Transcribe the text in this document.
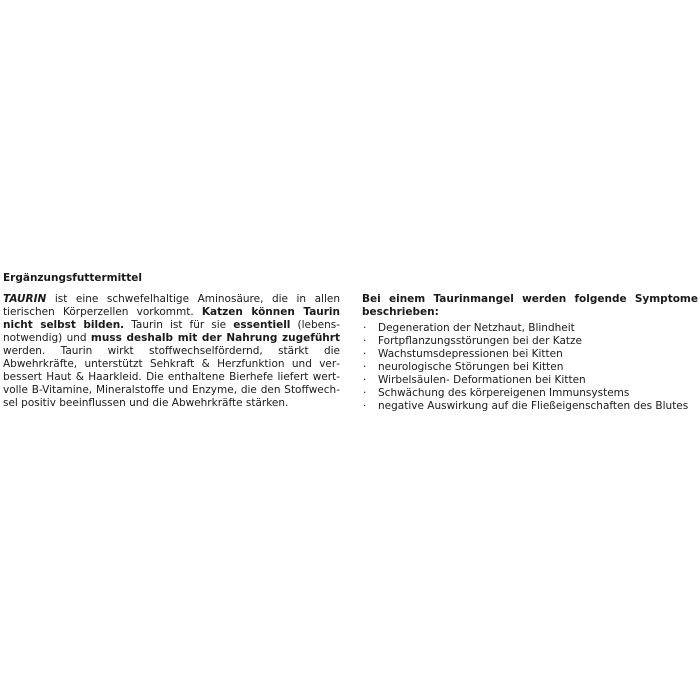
Ergänzungsfuttermittel

TAURIN ist eine schwefelhaltige Aminosäure, die in allen tierischen Körperzellen vorkommt. Katzen können Taurin nicht selbst bilden. Taurin ist für sie essentiell (lebensnotwendig) und muss deshalb mit der Nahrung zugeführt werden. Taurin wirkt stoffwechselfördernd, stärkt die Abwehrkräfte, unterstützt Sehkraft & Herzfunktion und verbessert Haut & Haarkleid. Die enthaltene Bierhefe liefert wertvolle B-Vitamine, Mineralstoffe und Enzyme, die den Stoffwechsel positiv beeinflussen und die Abwehrkräfte stärken.

Bei einem Taurinmangel werden folgende Symptome beschrieben:

· Degeneration der Netzhaut, Blindheit
· Fortpflanzungsstörungen bei der Katze
· Wachstumsdepressionen bei Kitten
· neurologische Störungen bei Kitten
· Wirbelsäulen- Deformationen bei Kitten
· Schwächung des körpereigenen Immunsystems
· negative Auswirkung auf die Fließeigenschaften des Blutes
